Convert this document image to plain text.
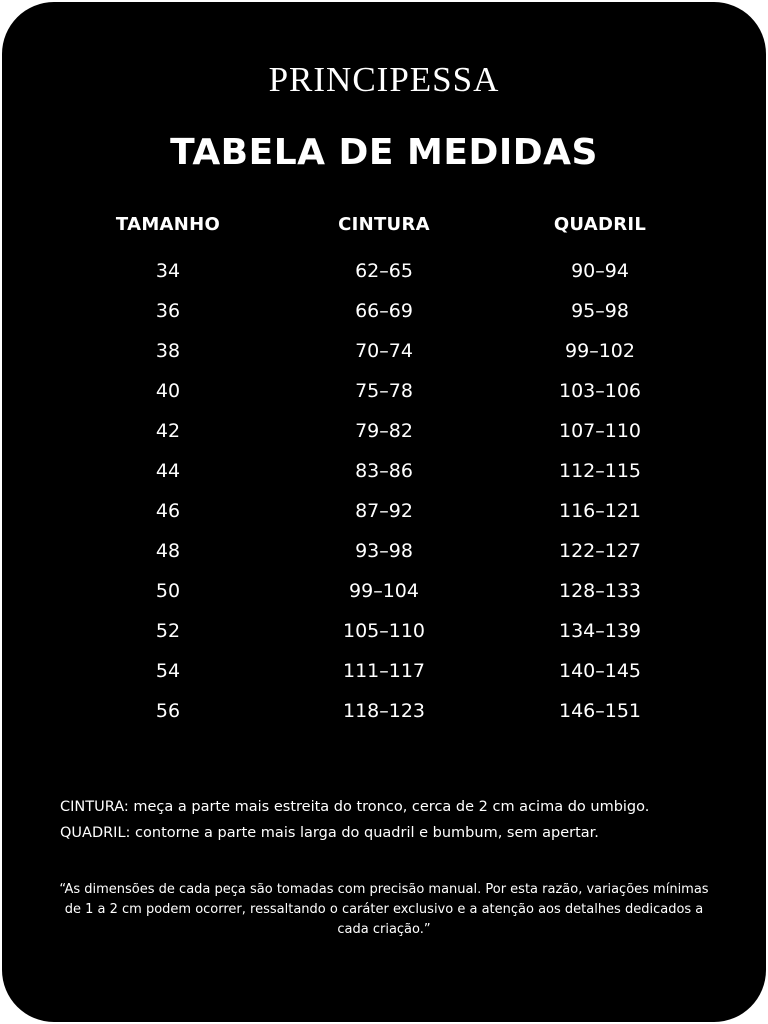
PRINCIPESSA
TABELA DE MEDIDAS
TAMANHO	CINTURA	QUADRIL
34	62–65	90–94
36	66–69	95–98
38	70–74	99–102
40	75–78	103–106
42	79–82	107–110
44	83–86	112–115
46	87–92	116–121
48	93–98	122–127
50	99–104	128–133
52	105–110	134–139
54	111–117	140–145
56	118–123	146–151
CINTURA: meça a parte mais estreita do tronco, cerca de 2 cm acima do umbigo.
QUADRIL: contorne a parte mais larga do quadril e bumbum, sem apertar.
“As dimensões de cada peça são tomadas com precisão manual. Por esta razão, variações mínimas de 1 a 2 cm podem ocorrer, ressaltando o caráter exclusivo e a atenção aos detalhes dedicados a cada criação.”
